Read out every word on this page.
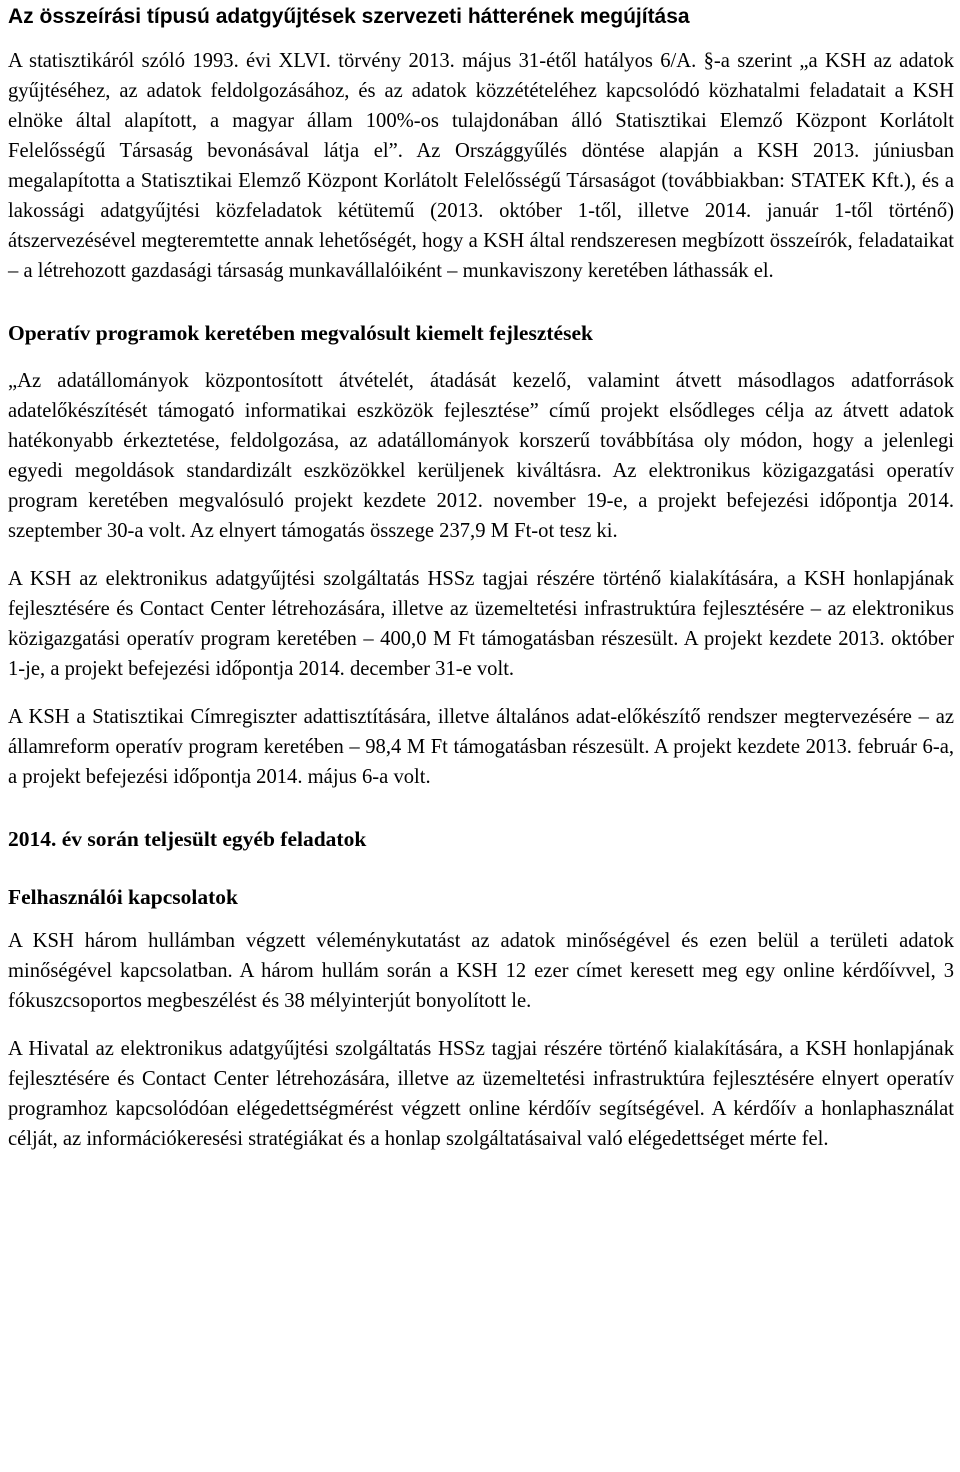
Az összeírási típusú adatgyűjtések szervezeti hátterének megújítása

A statisztikáról szóló 1993. évi XLVI. törvény 2013. május 31-étől hatályos 6/A. §-a szerint „a KSH az adatok gyűjtéséhez, az adatok feldolgozásához, és az adatok közzétételéhez kapcsolódó közhatalmi feladatait a KSH elnöke által alapított, a magyar állam 100%-os tulajdonában álló Statisztikai Elemző Központ Korlátolt Felelősségű Társaság bevonásával látja el”. Az Országgyűlés döntése alapján a KSH 2013. júniusban megalapította a Statisztikai Elemző Központ Korlátolt Felelősségű Társaságot (továbbiakban: STATEK Kft.), és a lakossági adatgyűjtési közfeladatok kétütemű (2013. október 1-től, illetve 2014. január 1-től történő) átszervezésével megteremtette annak lehetőségét, hogy a KSH által rendszeresen megbízott összeírók, feladataikat – a létrehozott gazdasági társaság munkavállalóiként – munkaviszony keretében láthassák el.

Operatív programok keretében megvalósult kiemelt fejlesztések

„Az adatállományok központosított átvételét, átadását kezelő, valamint átvett másodlagos adatforrások adatelőkészítését támogató informatikai eszközök fejlesztése” című projekt elsődleges célja az átvett adatok hatékonyabb érkeztetése, feldolgozása, az adatállományok korszerű továbbítása oly módon, hogy a jelenlegi egyedi megoldások standardizált eszközökkel kerüljenek kiváltásra. Az elektronikus közigazgatási operatív program keretében megvalósuló projekt kezdete 2012. november 19-e, a projekt befejezési időpontja 2014. szeptember 30-a volt. Az elnyert támogatás összege 237,9 M Ft-ot tesz ki.

A KSH az elektronikus adatgyűjtési szolgáltatás HSSz tagjai részére történő kialakítására, a KSH honlapjának fejlesztésére és Contact Center létrehozására, illetve az üzemeltetési infrastruktúra fejlesztésére – az elektronikus közigazgatási operatív program keretében – 400,0 M Ft támogatásban részesült. A projekt kezdete 2013. október 1-je, a projekt befejezési időpontja 2014. december 31-e volt.

A KSH a Statisztikai Címregiszter adattisztítására, illetve általános adat-előkészítő rendszer megtervezésére – az államreform operatív program keretében – 98,4 M Ft támogatásban részesült. A projekt kezdete 2013. február 6-a, a projekt befejezési időpontja 2014. május 6-a volt.

2014. év során teljesült egyéb feladatok
Felhasználói kapcsolatok

A KSH három hullámban végzett véleménykutatást az adatok minőségével és ezen belül a területi adatok minőségével kapcsolatban. A három hullám során a KSH 12 ezer címet keresett meg egy online kérdőívvel, 3 fókuszcsoportos megbeszélést és 38 mélyinterjút bonyolított le.

A Hivatal az elektronikus adatgyűjtési szolgáltatás HSSz tagjai részére történő kialakítására, a KSH honlapjának fejlesztésére és Contact Center létrehozására, illetve az üzemeltetési infrastruktúra fejlesztésére elnyert operatív programhoz kapcsolódóan elégedettségmérést végzett online kérdőív segítségével. A kérdőív a honlaphasználat célját, az információkeresési stratégiákat és a honlap szolgáltatásaival való elégedettséget mérte fel.
